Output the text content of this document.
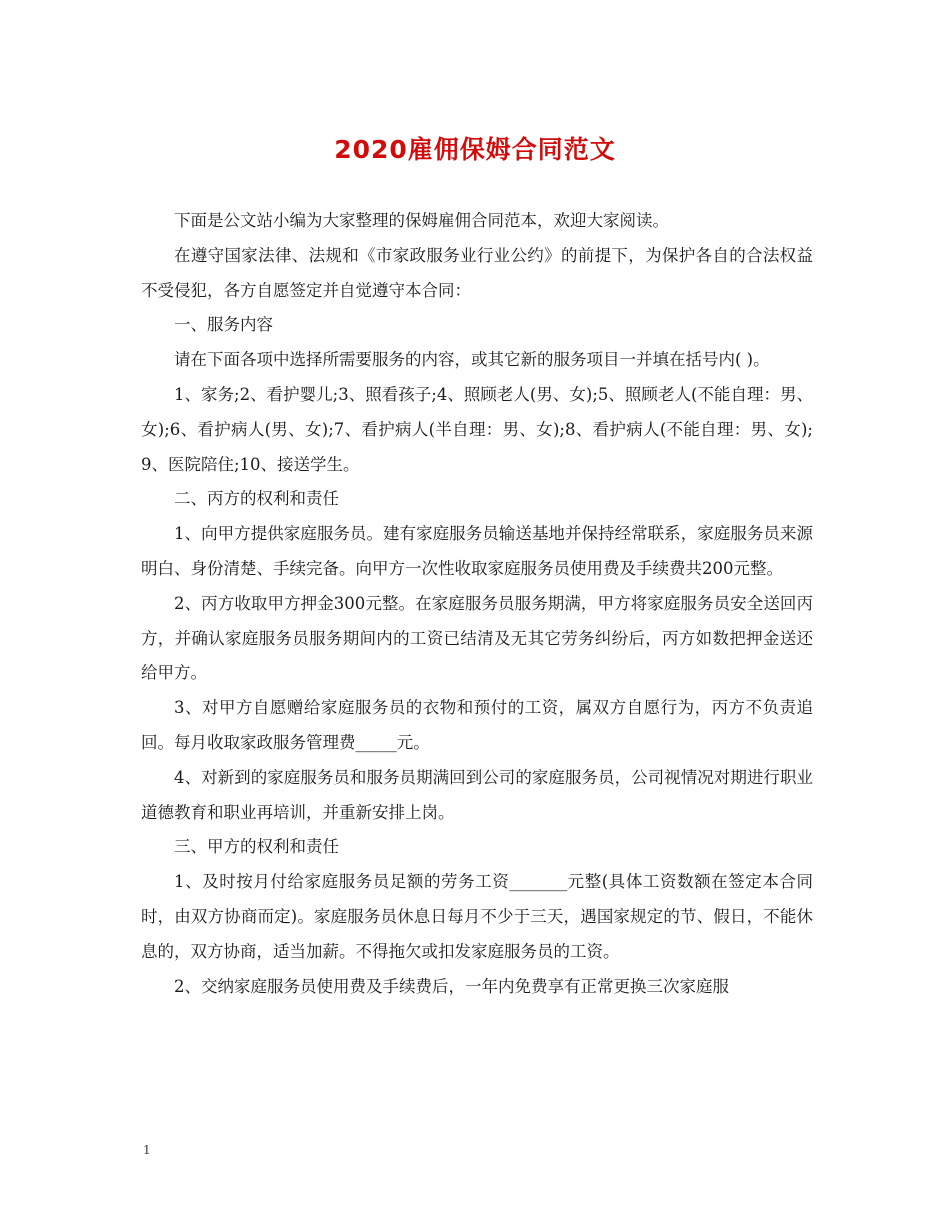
2020雇佣保姆合同范文

下面是公文站小编为大家整理的保姆雇佣合同范本，欢迎大家阅读。

在遵守国家法律、法规和《市家政服务业行业公约》的前提下，为保护各自的合法权益不受侵犯，各方自愿签定并自觉遵守本合同：

一、服务内容

请在下面各项中选择所需要服务的内容，或其它新的服务项目一并填在括号内( )。

1、家务;2、看护婴儿;3、照看孩子;4、照顾老人(男、女);5、照顾老人(不能自理：男、女);6、看护病人(男、女);7、看护病人(半自理：男、女);8、看护病人(不能自理：男、女);9、医院陪住;10、接送学生。

二、丙方的权利和责任

1、向甲方提供家庭服务员。建有家庭服务员输送基地并保持经常联系，家庭服务员来源明白、身份清楚、手续完备。向甲方一次性收取家庭服务员使用费及手续费共200元整。

2、丙方收取甲方押金300元整。在家庭服务员服务期满，甲方将家庭服务员安全送回丙方，并确认家庭服务员服务期间内的工资已结清及无其它劳务纠纷后，丙方如数把押金送还给甲方。

3、对甲方自愿赠给家庭服务员的衣物和预付的工资，属双方自愿行为，丙方不负责追回。每月收取家政服务管理费_____元。

4、对新到的家庭服务员和服务员期满回到公司的家庭服务员，公司视情况对期进行职业道德教育和职业再培训，并重新安排上岗。

三、甲方的权利和责任

1、及时按月付给家庭服务员足额的劳务工资_______元整(具体工资数额在签定本合同时，由双方协商而定)。家庭服务员休息日每月不少于三天，遇国家规定的节、假日，不能休息的，双方协商，适当加薪。不得拖欠或扣发家庭服务员的工资。

2、交纳家庭服务员使用费及手续费后，一年内免费享有正常更换三次家庭服

1
